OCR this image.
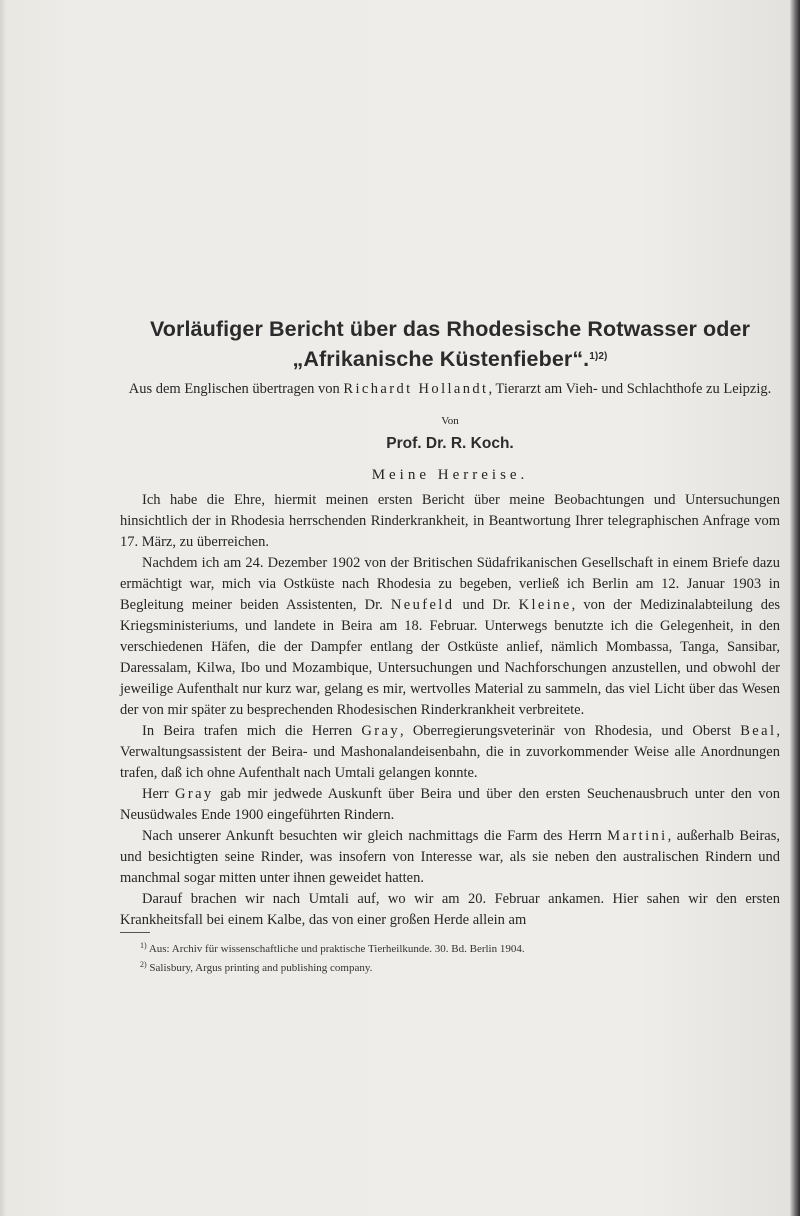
Vorläufiger Bericht über das Rhodesische Rotwasser oder
„Afrikanische Küstenfieber“.$^{1)2)}$

Aus dem Englischen übertragen von Richardt Hollandt, Tierarzt am Vieh- und Schlachthofe zu Leipzig.

Von

Prof. Dr. R. Koch.

Meine Herreise.

Ich habe die Ehre, hiermit meinen ersten Bericht über meine Beobachtungen und Untersuchungen hinsichtlich der in Rhodesia herrschenden Rinderkrankheit, in Beantwortung Ihrer telegraphischen Anfrage vom 17. März, zu überreichen.

Nachdem ich am 24. Dezember 1902 von der Britischen Südafrikanischen Gesellschaft in einem Briefe dazu ermächtigt war, mich via Ostküste nach Rhodesia zu begeben, verließ ich Berlin am 12. Januar 1903 in Begleitung meiner beiden Assistenten, Dr. Neufeld und Dr. Kleine, von der Medizinalabteilung des Kriegsministeriums, und landete in Beira am 18. Februar. Unterwegs benutzte ich die Gelegenheit, in den verschiedenen Häfen, die der Dampfer entlang der Ostküste anlief, nämlich Mombassa, Tanga, Sansibar, Daressalam, Kilwa, Ibo und Mozambique, Untersuchungen und Nachforschungen anzustellen, und obwohl der jeweilige Aufenthalt nur kurz war, gelang es mir, wertvolles Material zu sammeln, das viel Licht über das Wesen der von mir später zu besprechenden Rhodesischen Rinderkrankheit verbreitete.

In Beira trafen mich die Herren Gray, Oberregierungsveterinär von Rhodesia, und Oberst Beal, Verwaltungsassistent der Beira- und Mashonalandeisenbahn, die in zuvorkommender Weise alle Anordnungen trafen, daß ich ohne Aufenthalt nach Umtali gelangen konnte.

Herr Gray gab mir jedwede Auskunft über Beira und über den ersten Seuchenausbruch unter den von Neusüdwales Ende 1900 eingeführten Rindern.

Nach unserer Ankunft besuchten wir gleich nachmittags die Farm des Herrn Martini, außerhalb Beiras, und besichtigten seine Rinder, was insofern von Interesse war, als sie neben den australischen Rindern und manchmal sogar mitten unter ihnen geweidet hatten.

Darauf brachen wir nach Umtali auf, wo wir am 20. Februar ankamen. Hier sahen wir den ersten Krankheitsfall bei einem Kalbe, das von einer großen Herde allein am

$^{1)}$ Aus: Archiv für wissenschaftliche und praktische Tierheilkunde. 30. Bd. Berlin 1904.

$^{2)}$ Salisbury, Argus printing and publishing company.
